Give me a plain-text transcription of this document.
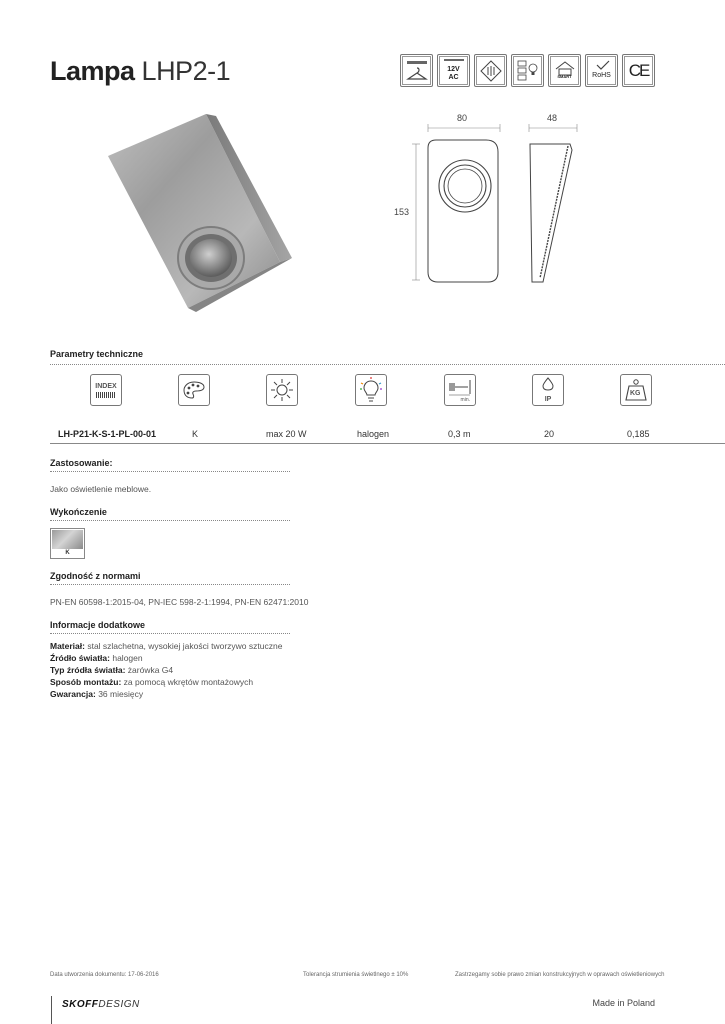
Lampa LHP2-1	12V AC	SMART	RoHS	CE
80	48
153
Parametry techniczne
INDEX
min.	IP
KG
LH-P21-K-S-1-PL-00-01	K	max 20 W	halogen	0,3 m	20	0,185
Zastosowanie:
Jako oświetlenie meblowe.
Wykończenie
K
Zgodność z normami
PN-EN 60598-1:2015-04, PN-IEC 598-2-1:1994, PN-EN 62471:2010
Informacje dodatkowe
Materiał: stal szlachetna, wysokiej jakości tworzywo sztuczne
Źródło światła: halogen
Typ źródła światła: żarówka G4
Sposób montażu: za pomocą wkrętów montażowych
Gwarancja: 36 miesięcy
Data utworzenia dokumentu: 17-06-2016	Tolerancja strumienia świetlnego ± 10%	Zastrzegamy sobie prawo zmian konstrukcyjnych w oprawach oświetleniowych
SKOFFDESIGN	Made in Poland
